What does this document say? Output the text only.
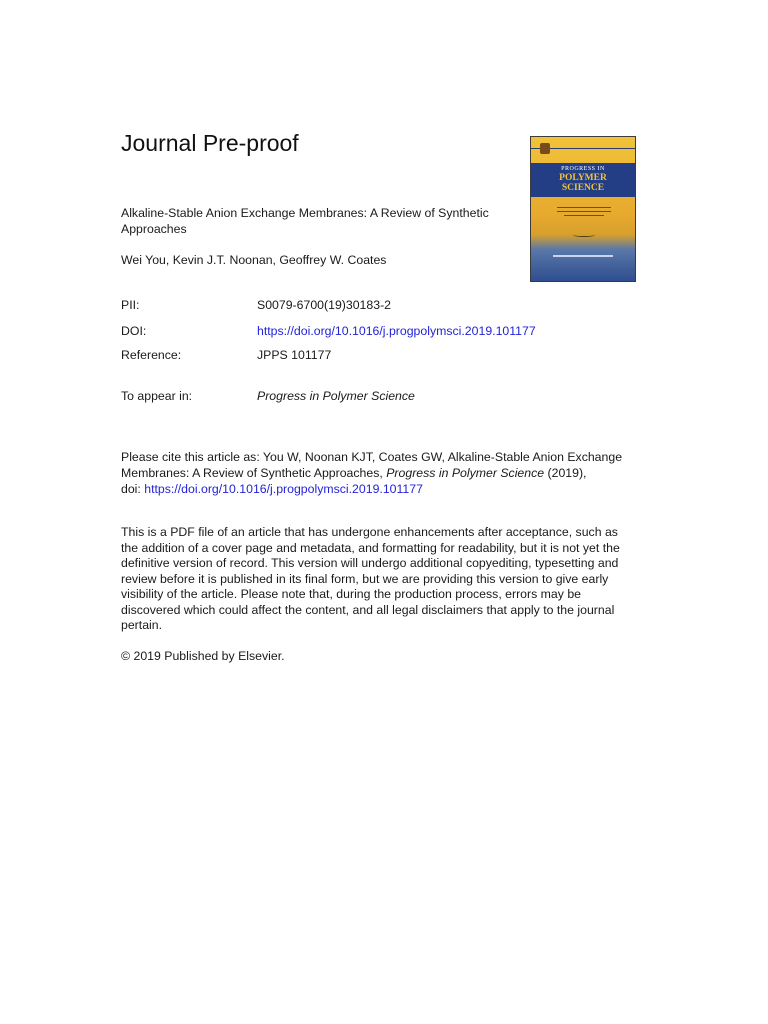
Journal Pre-proof
Alkaline-Stable Anion Exchange Membranes: A Review of Synthetic Approaches
Wei You, Kevin J.T. Noonan, Geoffrey W. Coates
PII:	S0079-6700(19)30183-2
DOI:	https://doi.org/10.1016/j.progpolymsci.2019.101177
Reference:	JPPS 101177
To appear in:	Progress in Polymer Science
Please cite this article as: You W, Noonan KJT, Coates GW, Alkaline-Stable Anion Exchange Membranes: A Review of Synthetic Approaches, Progress in Polymer Science (2019),
doi: https://doi.org/10.1016/j.progpolymsci.2019.101177
This is a PDF file of an article that has undergone enhancements after acceptance, such as the addition of a cover page and metadata, and formatting for readability, but it is not yet the definitive version of record. This version will undergo additional copyediting, typesetting and review before it is published in its final form, but we are providing this version to give early visibility of the article. Please note that, during the production process, errors may be discovered which could affect the content, and all legal disclaimers that apply to the journal pertain.
© 2019 Published by Elsevier.
PROGRESS IN
POLYMER
SCIENCE
